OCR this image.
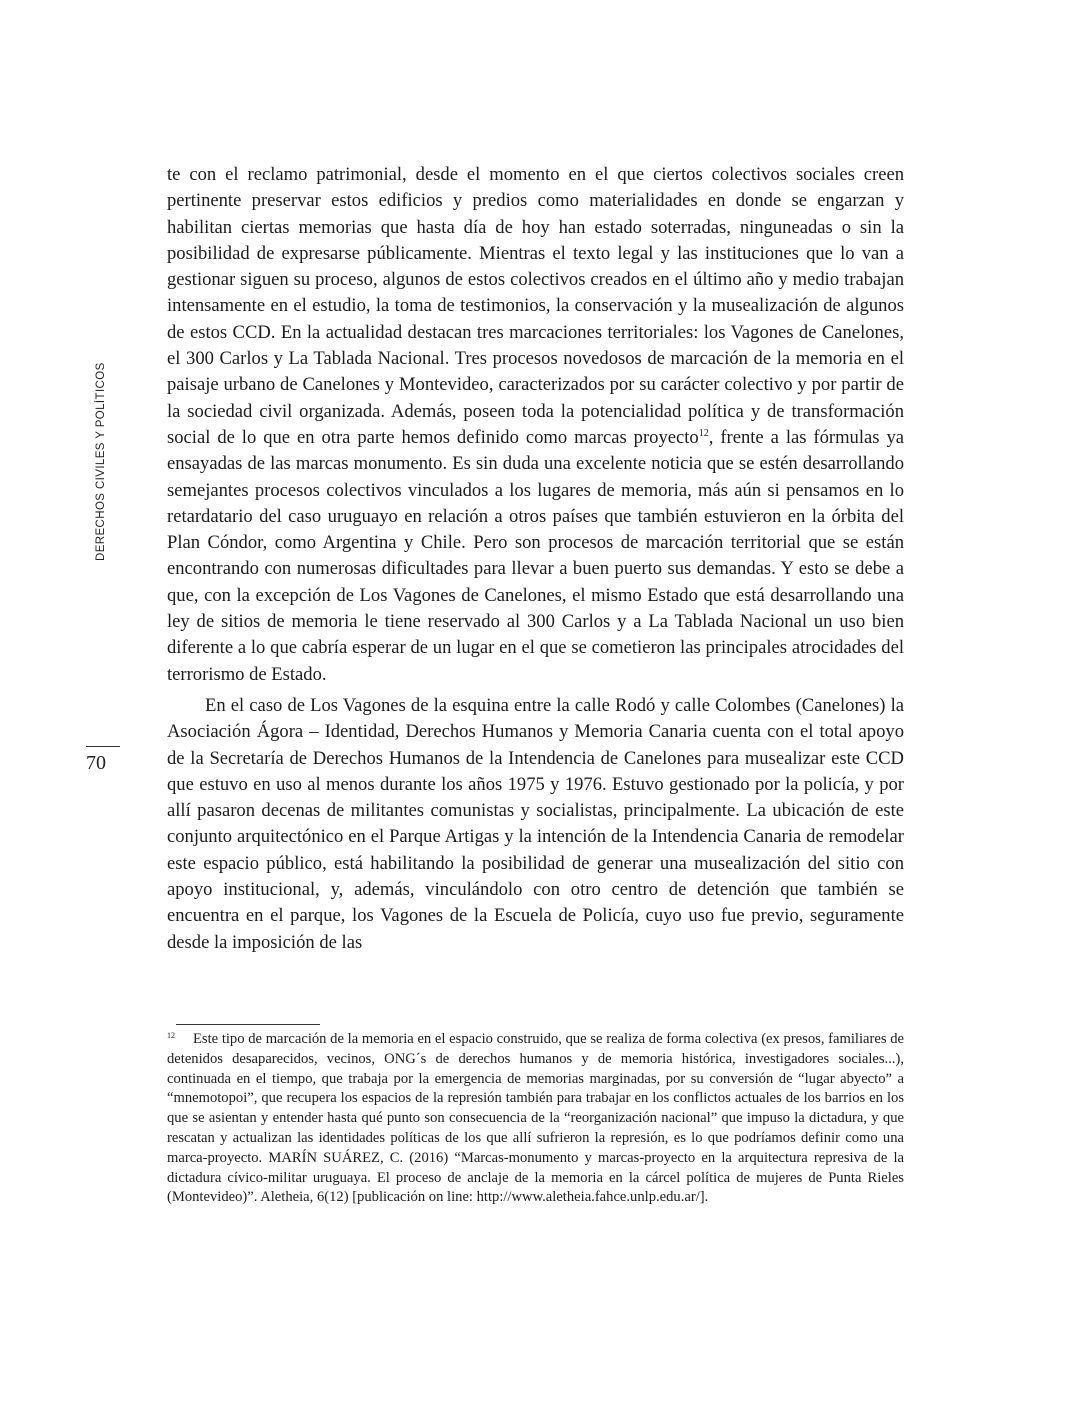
DERECHOS CIVILES Y POLÍTICOS
70

te con el reclamo patrimonial, desde el momento en el que ciertos colectivos sociales creen pertinente preservar estos edificios y predios como materialidades en donde se engarzan y habilitan ciertas memorias que hasta día de hoy han estado soterradas, ninguneadas o sin la posibilidad de expresarse públicamente. Mientras el texto legal y las instituciones que lo van a gestionar siguen su proceso, algunos de estos colectivos creados en el último año y medio trabajan intensamente en el estudio, la toma de testimonios, la conservación y la musealización de algunos de estos CCD. En la actualidad destacan tres marcaciones territoriales: los Vagones de Canelones, el 300 Carlos y La Tablada Nacional. Tres procesos novedosos de marcación de la memoria en el paisaje urbano de Canelones y Montevideo, caracterizados por su carácter colectivo y por partir de la sociedad civil organizada. Además, poseen toda la potencialidad política y de transformación social de lo que en otra parte hemos definido como marcas proyecto$^{12}$, frente a las fórmulas ya ensayadas de las marcas monumento. Es sin duda una excelente noticia que se estén desarrollando semejantes procesos colectivos vinculados a los lugares de memoria, más aún si pensamos en lo retardatario del caso uruguayo en relación a otros países que también estuvieron en la órbita del Plan Cóndor, como Argentina y Chile. Pero son procesos de marcación territorial que se están encontrando con numerosas dificultades para llevar a buen puerto sus demandas. Y esto se debe a que, con la excepción de Los Vagones de Canelones, el mismo Estado que está desarrollando una ley de sitios de memoria le tiene reservado al 300 Carlos y a La Tablada Nacional un uso bien diferente a lo que cabría esperar de un lugar en el que se cometieron las principales atrocidades del terrorismo de Estado.

En el caso de Los Vagones de la esquina entre la calle Rodó y calle Colombes (Canelones) la Asociación Ágora – Identidad, Derechos Humanos y Memoria Canaria cuenta con el total apoyo de la Secretaría de Derechos Humanos de la Intendencia de Canelones para musealizar este CCD que estuvo en uso al menos durante los años 1975 y 1976. Estuvo gestionado por la policía, y por allí pasaron decenas de militantes comunistas y socialistas, principalmente. La ubicación de este conjunto arquitectónico en el Parque Artigas y la intención de la Intendencia Canaria de remodelar este espacio público, está habilitando la posibilidad de generar una musealización del sitio con apoyo institucional, y, además, vinculándolo con otro centro de detención que también se encuentra en el parque, los Vagones de la Escuela de Policía, cuyo uso fue previo, seguramente desde la imposición de las

$^{12}$ Este tipo de marcación de la memoria en el espacio construido, que se realiza de forma colectiva (ex presos, familiares de detenidos desaparecidos, vecinos, ONG´s de derechos humanos y de memoria histórica, investigadores sociales...), continuada en el tiempo, que trabaja por la emergencia de memorias marginadas, por su conversión de “lugar abyecto” a “mnemotopoi”, que recupera los espacios de la represión también para trabajar en los conflictos actuales de los barrios en los que se asientan y entender hasta qué punto son consecuencia de la “reorganización nacional” que impuso la dictadura, y que rescatan y actualizan las identidades políticas de los que allí sufrieron la represión, es lo que podríamos definir como una marca-proyecto. MARÍN SUÁREZ, C. (2016) “Marcas-monumento y marcas-proyecto en la arquitectura represiva de la dictadura cívico-militar uruguaya. El proceso de anclaje de la memoria en la cárcel política de mujeres de Punta Rieles (Montevideo)”. Aletheia, 6(12) [publicación on line: http://www.aletheia.fahce.unlp.edu.ar/].
